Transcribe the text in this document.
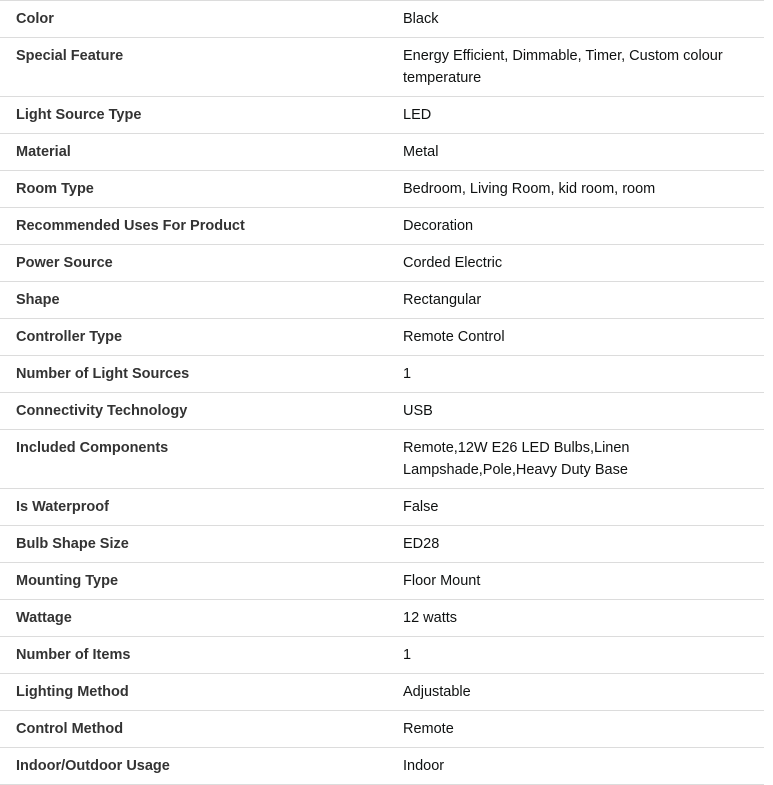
Color	Black
Special Feature	Energy Efficient, Dimmable, Timer, Custom colour temperature
Light Source Type	LED
Material	Metal
Room Type	Bedroom, Living Room, kid room, room
Recommended Uses For Product	Decoration
Power Source	Corded Electric
Shape	Rectangular
Controller Type	Remote Control
Number of Light Sources	1
Connectivity Technology	USB
Included Components	Remote,12W E26 LED Bulbs,Linen Lampshade,Pole,Heavy Duty Base
Is Waterproof	False
Bulb Shape Size	ED28
Mounting Type	Floor Mount
Wattage	12 watts
Number of Items	1
Lighting Method	Adjustable
Control Method	Remote
Indoor/Outdoor Usage	Indoor
